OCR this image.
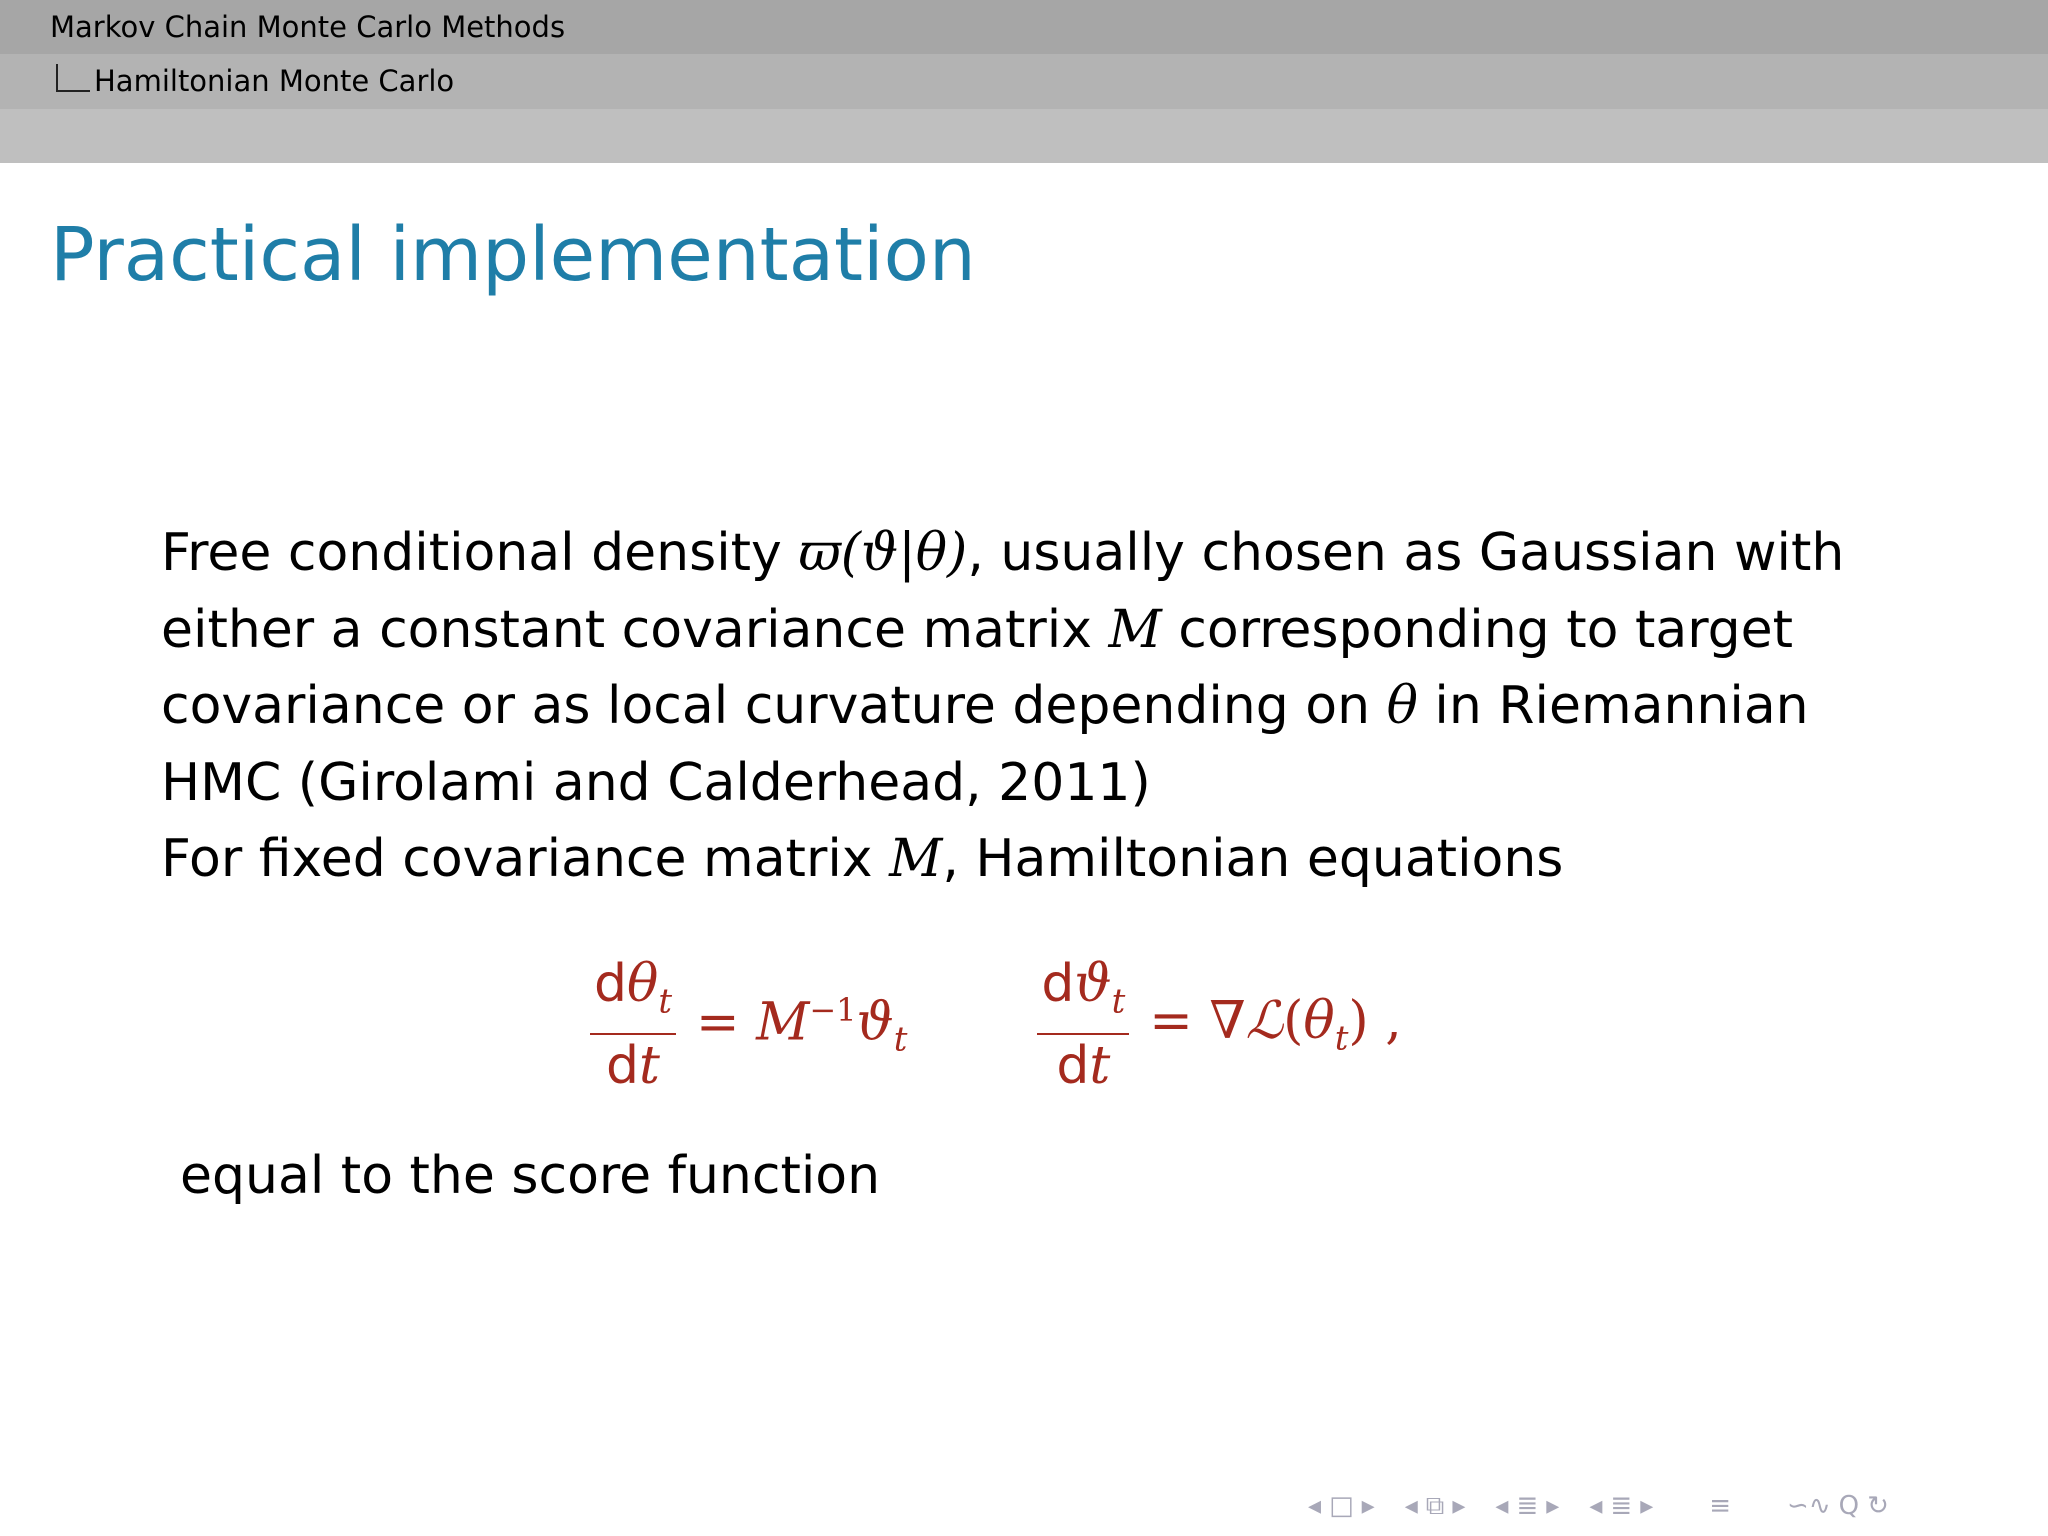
Markov Chain Monte Carlo Methods
Hamiltonian Monte Carlo
Practical implementation

Free conditional density ϖ(ϑ|θ), usually chosen as Gaussian with

either a constant covariance matrix M corresponding to target

covariance or as local curvature depending on θ in Riemannian

HMC (Girolami and Calderhead, 2011)

For fixed covariance matrix M, Hamiltonian equations

$\frac{d\theta_t}{dt} = M^{-1}ϑ_t$	$\frac{dϑ_t}{dt}$ = $\nabla ℒ(\theta_t)$ ,
equal to the score function
◂ □ ▸ ◂ ⧉ ▸ ◂ ≣ ▸ ◂ ≣ ▸ ≡ ∽∿ Q ↻
